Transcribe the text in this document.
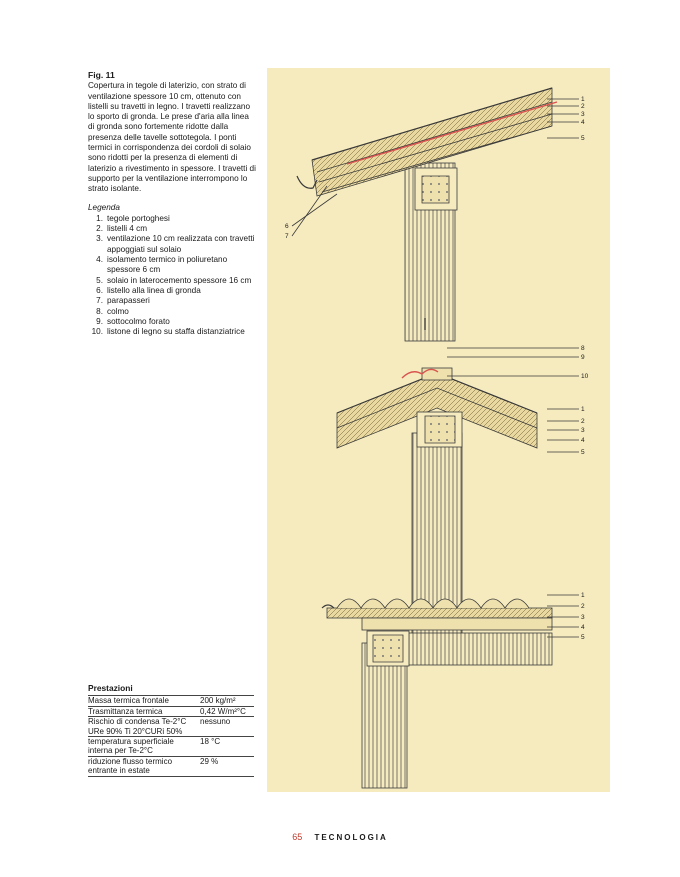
Fig. 11

Copertura in tegole di laterizio, con strato di ventilazione spessore 10 cm, ottenuto con listelli su travetti in legno. I travetti realizzano lo sporto di gronda. Le prese d'aria alla linea di gronda sono fortemente ridotte dalla presenza delle tavelle sottotegola. I ponti termici in corrispondenza dei cordoli di solaio sono ridotti per la presenza di elementi di laterizio a rivestimento in spessore. I travetti di supporto per la ventilazione interrompono lo strato isolante.

Legenda

1. tegole portoghesi
2. listelli 4 cm
3. ventilazione 10 cm realizzata con travetti appoggiati sul solaio
4. isolamento termico in poliuretano spessore 6 cm
5. solaio in laterocemento spessore 16 cm
6. listello alla linea di gronda
7. parapasseri
8. colmo
9. sottocolmo forato
10. listone di legno su staffa distanziatrice
Prestazioni
Massa termica frontale	200 kg/m²
Trasmittanza termica	0,42 W/m²°C
Rischio di condensa Te-2°C URe 90% Ti 20°CURi 50%
nessuno
temperatura superficiale interna per Te-2°C
18 °C
riduzione flusso termico entrante in estate
29 %
1
2
3
4
5
6
7
8
9
10
1
2
3
4
5
1
2
3
4
5
65 TECNOLOGIA
